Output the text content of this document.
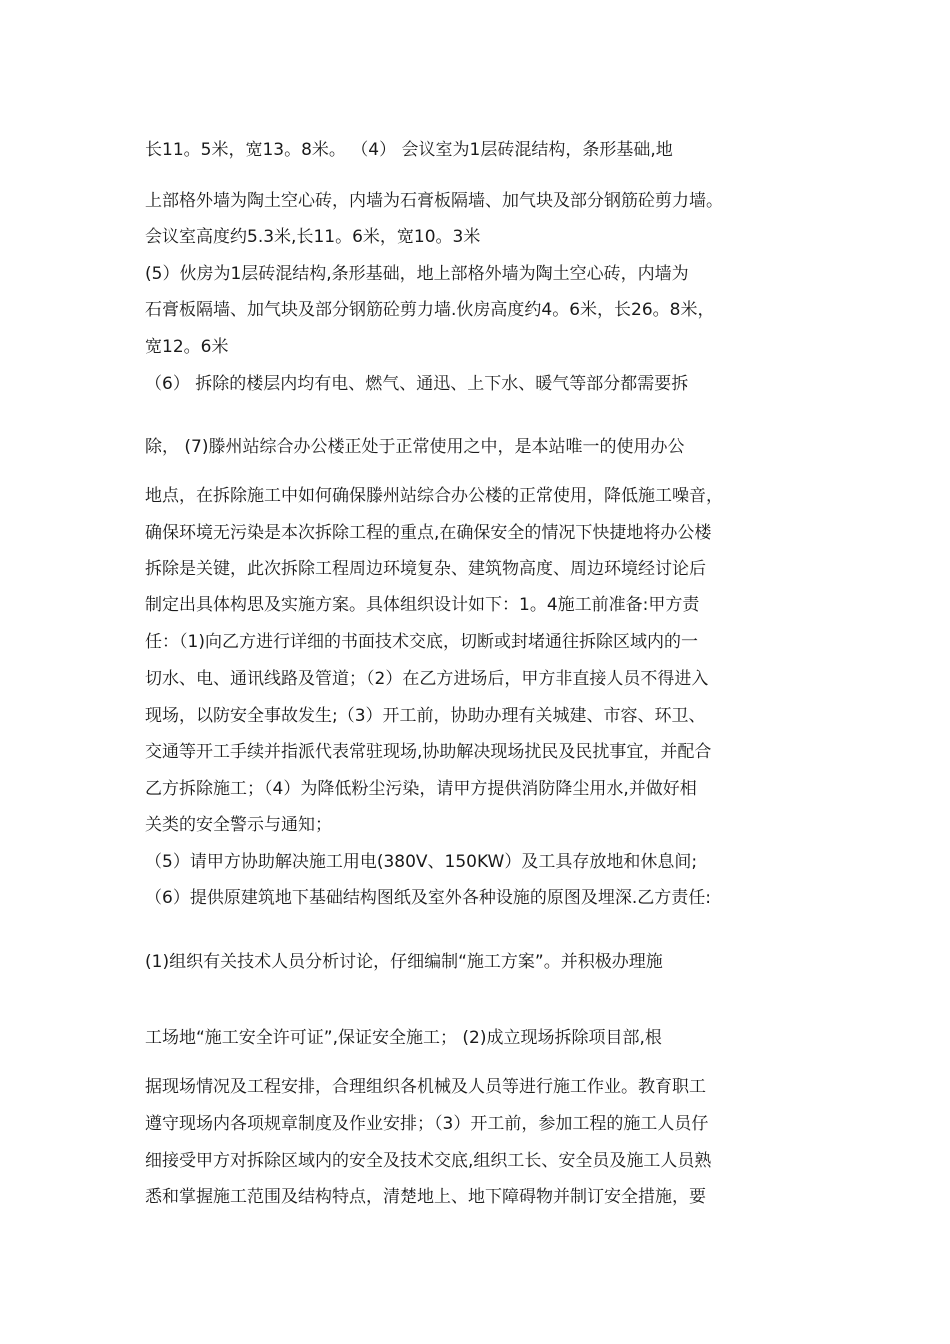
长11。5米，宽13。8米。 （4） 会议室为1层砖混结构，条形基础,地
上部格外墙为陶土空心砖，内墙为石膏板隔墙、加气块及部分钢筋砼剪力墙。
会议室高度约5.3米,长11。6米，宽10。3米
(5）伙房为1层砖混结构,条形基础，地上部格外墙为陶土空心砖，内墙为
石膏板隔墙、加气块及部分钢筋砼剪力墙.伙房高度约4。6米，长26。8米，
宽12。6米
（6） 拆除的楼层内均有电、燃气、通迅、上下水、暖气等部分都需要拆
除， (7)滕州站综合办公楼正处于正常使用之中，是本站唯一的使用办公
地点，在拆除施工中如何确保滕州站综合办公楼的正常使用，降低施工噪音，
确保环境无污染是本次拆除工程的重点,在确保安全的情况下快捷地将办公楼
拆除是关键，此次拆除工程周边环境复杂、建筑物高度、周边环境经讨论后
制定出具体构思及实施方案。具体组织设计如下：1。4施工前准备:甲方责
任：（1)向乙方进行详细的书面技术交底，切断或封堵通往拆除区域内的一
切水、电、通讯线路及管道；（2）在乙方进场后，甲方非直接人员不得进入
现场，以防安全事故发生;（3）开工前，协助办理有关城建、市容、环卫、
交通等开工手续并指派代表常驻现场,协助解决现场扰民及民扰事宜，并配合
乙方拆除施工；（4）为降低粉尘污染，请甲方提供消防降尘用水,并做好相
关类的安全警示与通知；
（5）请甲方协助解决施工用电(380V、150KW）及工具存放地和休息间;
（6）提供原建筑地下基础结构图纸及室外各种设施的原图及埋深.乙方责任:
(1)组织有关技术人员分析讨论，仔细编制“施工方案”。并积极办理施
工场地“施工安全许可证”,保证安全施工； (2)成立现场拆除项目部,根
据现场情况及工程安排，合理组织各机械及人员等进行施工作业。教育职工
遵守现场内各项规章制度及作业安排；（3）开工前，参加工程的施工人员仔
细接受甲方对拆除区域内的安全及技术交底,组织工长、安全员及施工人员熟
悉和掌握施工范围及结构特点，清楚地上、地下障碍物并制订安全措施，要
